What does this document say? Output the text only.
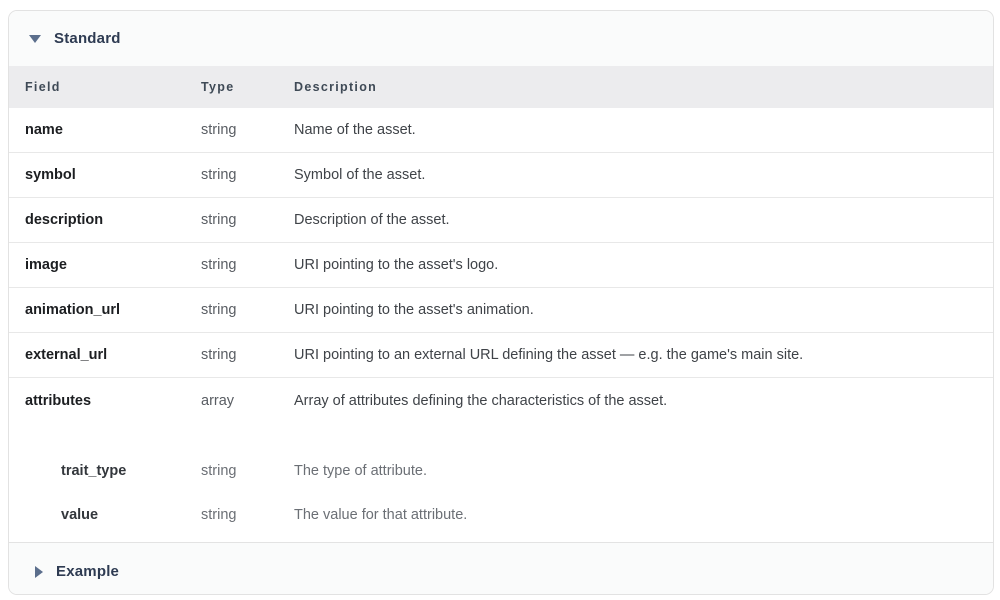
Standard
Field	Type	Description
name	string	Name of the asset.
symbol	string	Symbol of the asset.
description	string	Description of the asset.
image	string	URI pointing to the asset's logo.
animation_url	string	URI pointing to the asset's animation.
external_url	string	URI pointing to an external URL defining the asset — e.g. the game's main site.
attributes	array	Array of attributes defining the characteristics of the asset.
trait_type	string	The type of attribute.
value	string	The value for that attribute.
Example
